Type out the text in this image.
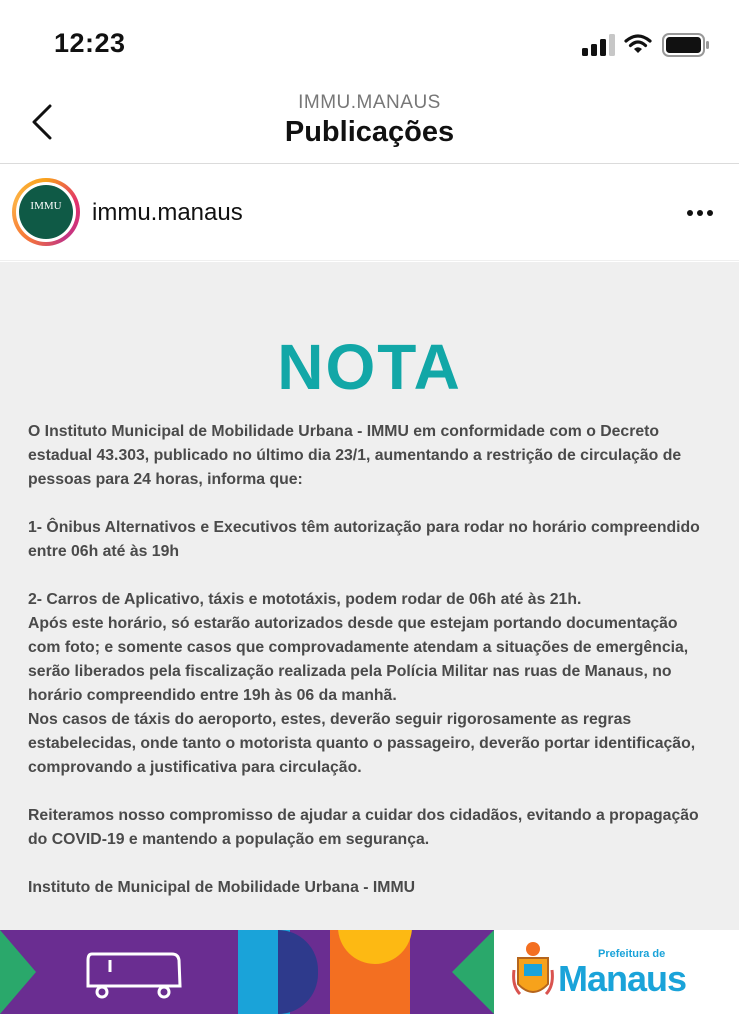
12:23
IMMU.MANAUS
Publicações
IMMU
	immu.manaus
NOTA

O Instituto Municipal de Mobilidade Urbana - IMMU em conformidade com o Decreto estadual 43.303, publicado no último dia 23/1, aumentando a restrição de circulação de pessoas para 24 horas, informa que:

1- Ônibus Alternativos e Executivos têm autorização para rodar no horário compreendido entre 06h até às 19h

2- Carros de Aplicativo, táxis e mototáxis, podem rodar de 06h até às 21h.

Após este horário, só estarão autorizados desde que estejam portando documentação com foto; e somente casos que comprovadamente atendam a situações de emergência, serão liberados pela fiscalização realizada pela Polícia Militar nas ruas de Manaus, no horário compreendido entre 19h às 06 da manhã.

Nos casos de táxis do aeroporto, estes, deverão seguir rigorosamente as regras estabelecidas, onde tanto o motorista quanto o passageiro, deverão portar identificação, comprovando a justificativa para circulação.

Reiteramos nosso compromisso de ajudar a cuidar dos cidadãos, evitando a propagação do COVID-19 e mantendo a população em segurança.

Instituto de Municipal de Mobilidade Urbana - IMMU

Prefeitura de
Manaus
